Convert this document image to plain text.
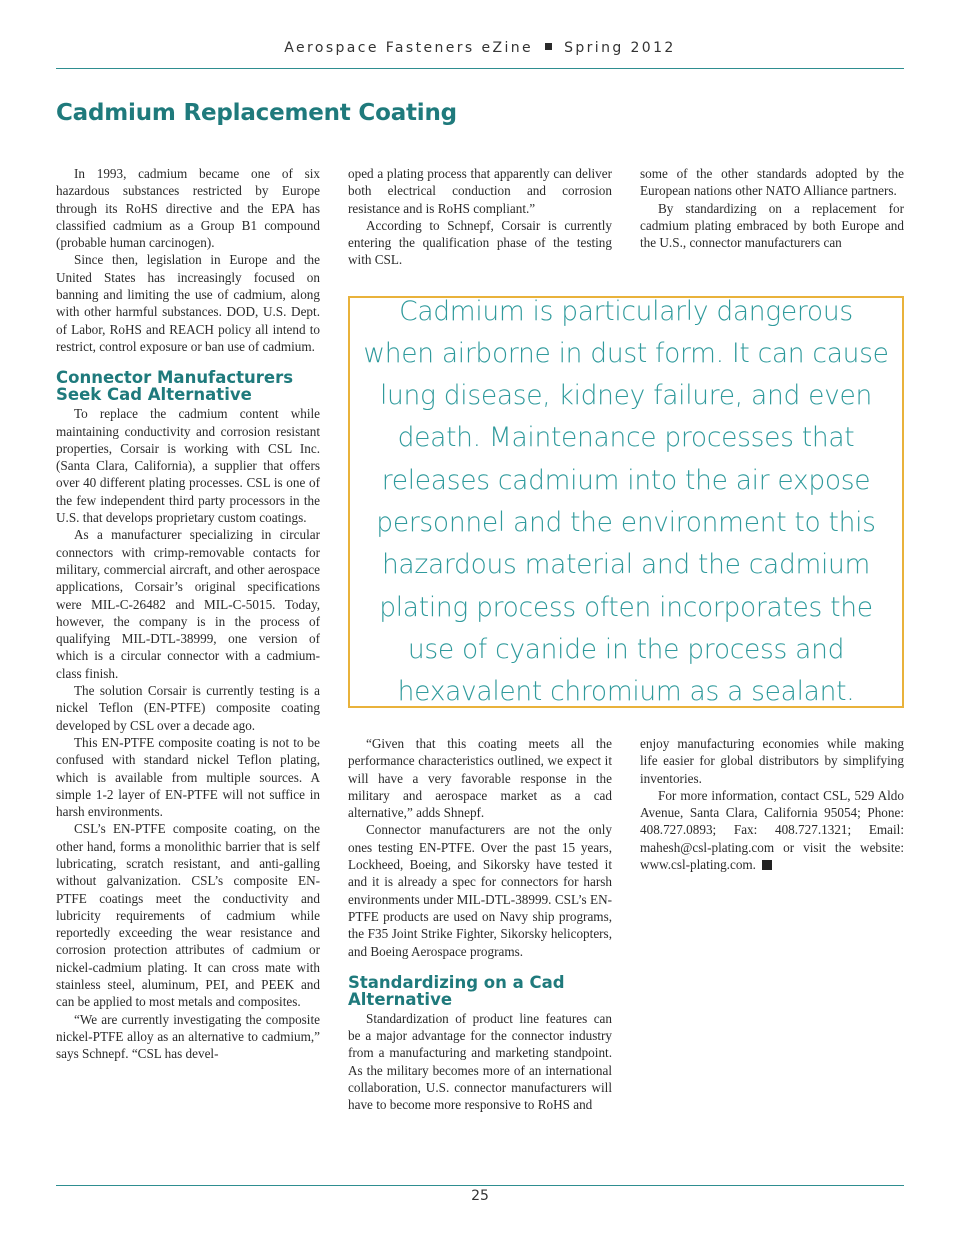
Aerospace Fasteners eZine Spring 2012
Cadmium Replacement Coating

In 1993, cadmium became one of six hazardous substances restricted by Europe through its RoHS directive and the EPA has classified cadmium as a Group B1 compound (probable human carcinogen).

Since then, legislation in Europe and the United States has increasingly focused on banning and limiting the use of cadmium, along with other harmful substances. DOD, U.S. Dept. of Labor, RoHS and REACH policy all intend to restrict, control exposure or ban use of cadmium.

Connector Manufacturers Seek Cad Alternative

To replace the cadmium content while maintaining conductivity and corrosion resistant properties, Corsair is working with CSL Inc. (Santa Clara, California), a supplier that offers over 40 different plating processes. CSL is one of the few independent third party processors in the U.S. that develops proprietary custom coatings.

As a manufacturer specializing in circular connectors with crimp-removable contacts for military, commercial aircraft, and other aerospace applications, Corsair’s original specifications were MIL-C-26482 and MIL-C-5015. Today, however, the company is in the process of qualifying MIL-DTL-38999, one version of which is a circular connector with a cadmium-class finish.

The solution Corsair is currently testing is a nickel Teflon (EN-PTFE) composite coating developed by CSL over a decade ago.

This EN-PTFE composite coating is not to be confused with standard nickel Teflon plating, which is available from multiple sources. A simple 1-2 layer of EN-PTFE will not suffice in harsh environments.

CSL’s EN-PTFE composite coating, on the other hand, forms a monolithic barrier that is self lubricating, scratch resistant, and anti-galling without galvanization. CSL’s composite EN-PTFE coatings meet the conductivity and lubricity requirements of cadmium while reportedly exceeding the wear resistance and corrosion protection attributes of cadmium or nickel-cadmium plating. It can cross mate with stainless steel, aluminum, PEI, and PEEK and can be applied to most metals and composites.

“We are currently investigating the composite nickel-PTFE alloy as an alternative to cadmium,” says Schnepf. “CSL has devel-

oped a plating process that apparently can deliver both electrical conduction and corrosion resistance and is RoHS compliant.”

According to Schnepf, Corsair is currently entering the qualification phase of the testing with CSL.

some of the other standards adopted by the European nations other NATO Alliance partners.

By standardizing on a replacement for cadmium plating embraced by both Europe and the U.S., connector manufacturers can

Cadmium is particularly dangerous when airborne in dust form. It can cause lung disease, kidney failure, and even death. Maintenance processes that releases cadmium into the air expose personnel and the environment to this hazardous material and the cadmium plating process often incorporates the use of cyanide in the process and hexavalent chromium as a sealant.

“Given that this coating meets all the performance characteristics outlined, we expect it will have a very favorable response in the military and aerospace market as a cad alternative,” adds Shnepf.

Connector manufacturers are not the only ones testing EN-PTFE. Over the past 15 years, Lockheed, Boeing, and Sikorsky have tested it and it is already a spec for connectors for harsh environments under MIL-DTL-38999. CSL’s EN-PTFE products are used on Navy ship programs, the F35 Joint Strike Fighter, Sikorsky helicopters, and Boeing Aerospace programs.

Standardizing on a Cad Alternative

Standardization of product line features can be a major advantage for the connector industry from a manufacturing and marketing standpoint. As the military becomes more of an international collaboration, U.S. connector manufacturers will have to become more responsive to RoHS and

enjoy manufacturing economies while making life easier for global distributors by simplifying inventories.

For more information, contact CSL, 529 Aldo Avenue, Santa Clara, California 95054; Phone: 408.727.0893; Fax: 408.727.1321; Email: mahesh@csl-plating.com or visit the website: www.csl-plating.com.

25
